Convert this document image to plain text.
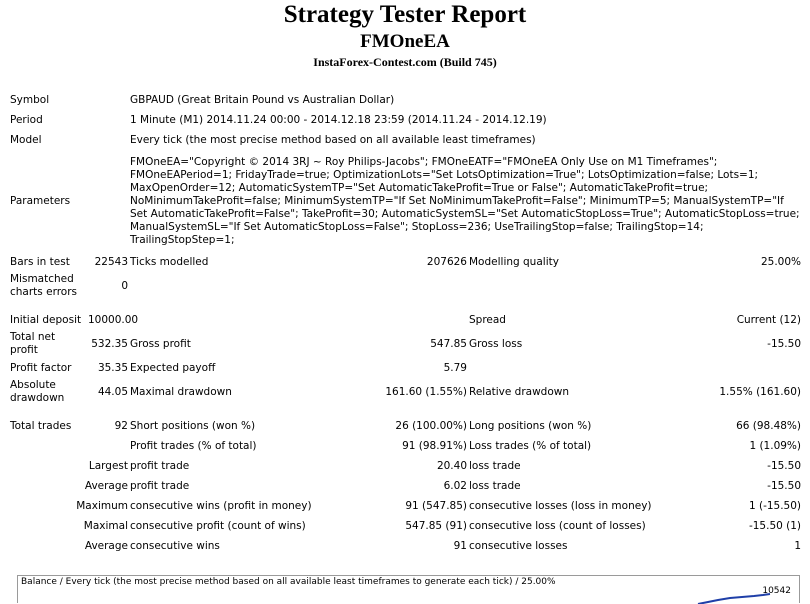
Strategy Tester Report
FMOneEA
InstaForex-Contest.com (Build 745)
Symbol		GBPAUD (Great Britain Pound vs Australian Dollar)			
Period		1 Minute (M1) 2014.11.24 00:00 - 2014.12.18 23:59 (2014.11.24 - 2014.12.19)			
Model		Every tick (the most precise method based on all available least timeframes)			
Parameters		FMOneEA="Copyright © 2014 3RJ ~ Roy Philips-Jacobs"; FMOneEATF="FMOneEA Only Use on M1 Timeframes"; FMOneEAPeriod=1; FridayTrade=true; OptimizationLots="Set LotsOptimization=True"; LotsOptimization=false; Lots=1; MaxOpenOrder=12; AutomaticSystemTP="Set AutomaticTakeProfit=True or False"; AutomaticTakeProfit=true; NoMinimumTakeProfit=false; MinimumSystemTP="If Set NoMinimumTakeProfit=False"; MinimumTP=5; ManualSystemTP="If Set AutomaticTakeProfit=False"; TakeProfit=30; AutomaticSystemSL="Set AutomaticStopLoss=True"; AutomaticStopLoss=true; ManualSystemSL="If Set AutomaticStopLoss=False"; StopLoss=236; UseTrailingStop=false; TrailingStop=14; TrailingStopStep=1;			
Bars in test	22543	Ticks modelled	207626	Modelling quality	25.00%
Mismatched charts errors	0				

Initial deposit	10000.00			Spread	Current (12)
Total net profit	532.35	Gross profit	547.85	Gross loss	-15.50
Profit factor	35.35	Expected payoff	5.79		
Absolute drawdown	44.05	Maximal drawdown	161.60 (1.55%)	Relative drawdown	1.55% (161.60)

Total trades	92	Short positions (won %)	26 (100.00%)	Long positions (won %)	66 (98.48%)
		Profit trades (% of total)	91 (98.91%)	Loss trades (% of total)	1 (1.09%)
Largest		profit trade	20.40	loss trade	-15.50
Average		profit trade	6.02	loss trade	-15.50
Maximum		consecutive wins (profit in money)	91 (547.85)	consecutive losses (loss in money)	1 (-15.50)
Maximal		consecutive profit (count of wins)	547.85 (91)	consecutive loss (count of losses)	-15.50 (1)
Average		consecutive wins	91	consecutive losses	1
Balance / Every tick (the most precise method based on all available least timeframes to generate each tick) / 25.00%
10542
